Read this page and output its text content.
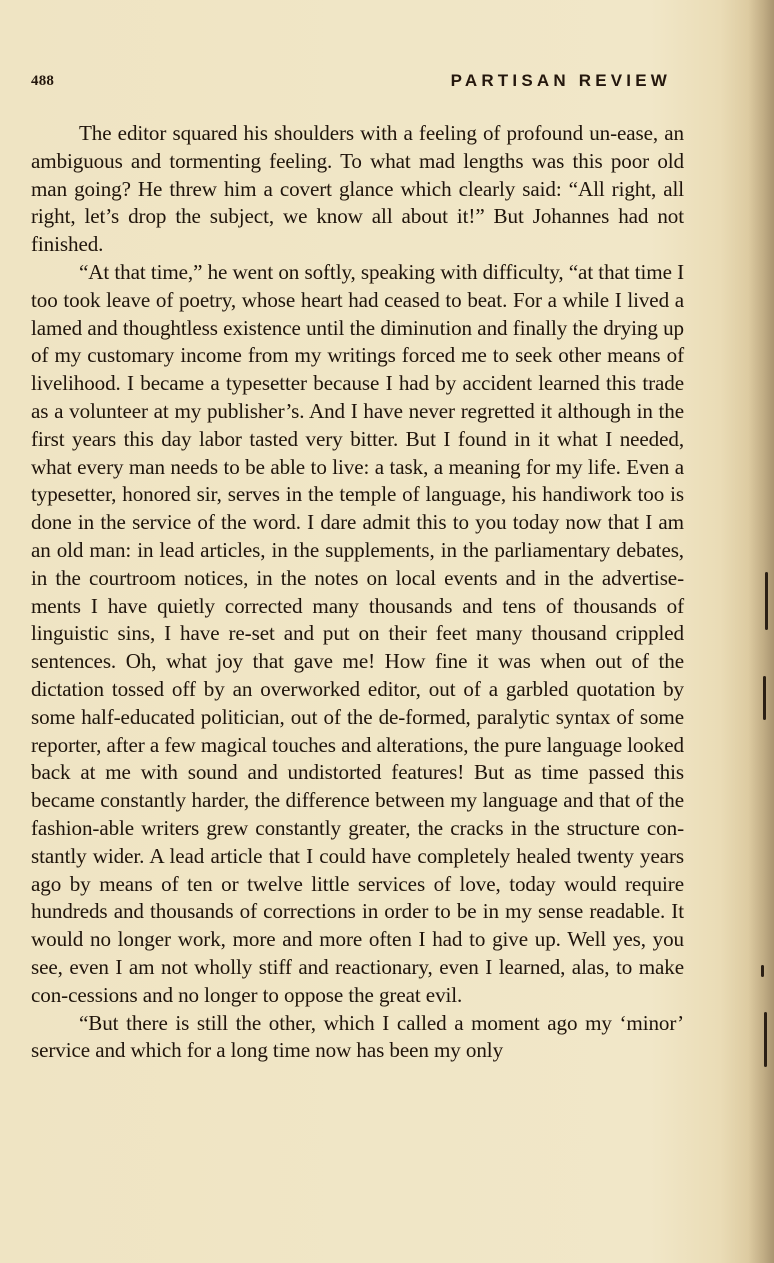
488	PARTISAN REVIEW

The editor squared his shoulders with a feeling of profound un-ease, an ambiguous and tormenting feeling. To what mad lengths was this poor old man going? He threw him a covert glance which clearly said: “All right, all right, let’s drop the subject, we know all about it!” But Johannes had not finished.

“At that time,” he went on softly, speaking with difficulty, “at that time I too took leave of poetry, whose heart had ceased to beat. For a while I lived a lamed and thoughtless existence until the diminution and finally the drying up of my customary income from my writings forced me to seek other means of livelihood. I became a typesetter because I had by accident learned this trade as a volunteer at my publisher’s. And I have never regretted it although in the first years this day labor tasted very bitter. But I found in it what I needed, what every man needs to be able to live: a task, a meaning for my life. Even a typesetter, honored sir, serves in the temple of language, his handiwork too is done in the service of the word. I dare admit this to you today now that I am an old man: in lead articles, in the supplements, in the parliamentary debates, in the courtroom notices, in the notes on local events and in the advertise-ments I have quietly corrected many thousands and tens of thousands of linguistic sins, I have re-set and put on their feet many thousand crippled sentences. Oh, what joy that gave me! How fine it was when out of the dictation tossed off by an overworked editor, out of a garbled quotation by some half-educated politician, out of the de-formed, paralytic syntax of some reporter, after a few magical touches and alterations, the pure language looked back at me with sound and undistorted features! But as time passed this became constantly harder, the difference between my language and that of the fashion-able writers grew constantly greater, the cracks in the structure con-stantly wider. A lead article that I could have completely healed twenty years ago by means of ten or twelve little services of love, today would require hundreds and thousands of corrections in order to be in my sense readable. It would no longer work, more and more often I had to give up. Well yes, you see, even I am not wholly stiff and reactionary, even I learned, alas, to make con-cessions and no longer to oppose the great evil.

“But there is still the other, which I called a moment ago my ‘minor’ service and which for a long time now has been my only
